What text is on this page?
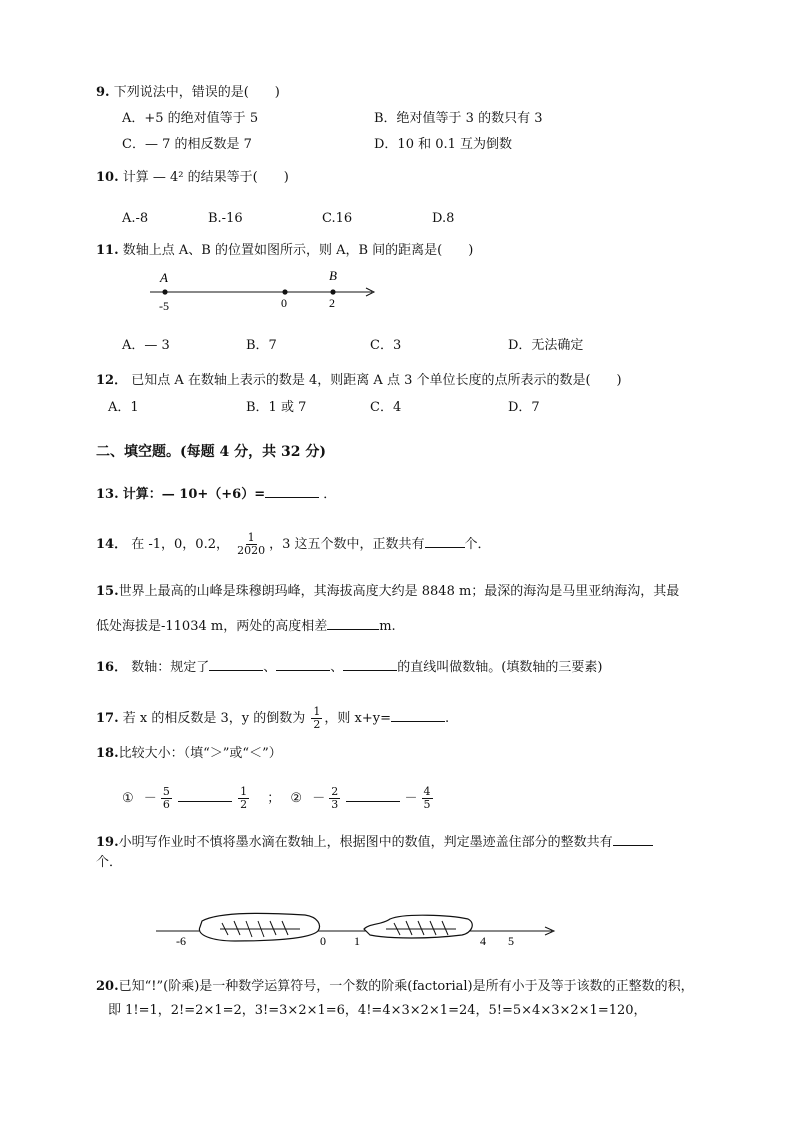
9. 下列说法中，错误的是(　　)
A．+5 的绝对值等于 5	B．绝对值等于 3 的数只有 3
C．— 7 的相反数是 7	D．10 和 0.1 互为倒数
10. 计算 — 4² 的结果等于(　　)
A.-8	B.-16	C.16	D.8
11. 数轴上点 A、B 的位置如图所示，则 A，B 间的距离是(　　)
A	B
-5	0	2
A．— 3	B．7	C．3	D．无法确定
12． 已知点 A 在数轴上表示的数是 4，则距离 A 点 3 个单位长度的点所表示的数是(　　)
A．1	B．1 或 7	C．4	D．7
二、填空题。(每题 4 分，共 32 分)
13. 计算：— 10+（+6）=	．
14． 在 -1，0，0.2， $\frac{1}{2020}$ ，3 这五个数中，正数共有	个．
15.世界上最高的山峰是珠穆朗玛峰，其海拔高度大约是 8848 m；最深的海沟是马里亚纳海沟，其最
低处海拔是-11034 m，两处的高度相差	m.
16． 数轴：规定了	、	、	的直线叫做数轴。(填数轴的三要素)
17. 若 x 的相反数是 3，y 的倒数为 $\frac{1}{2}$ ，则 x+y=	.
18.比较大小：（填“＞”或“＜”）
① － $\frac{5}{6}$
	$\frac{1}{2}$ ； ② － $\frac{2}{3}$	－ $\frac{4}{5}$
19.小明写作业时不慎将墨水滴在数轴上，根据图中的数值，判定墨迹盖住部分的整数共有
个．
-6	0 1	4 5
20.已知“!”(阶乘)是一种数学运算符号，一个数的阶乘(factorial)是所有小于及等于该数的正整数的积，
即 1!=1，2!=2×1=2，3!=3×2×1=6，4!=4×3×2×1=24，5!=5×4×3×2×1=120，
